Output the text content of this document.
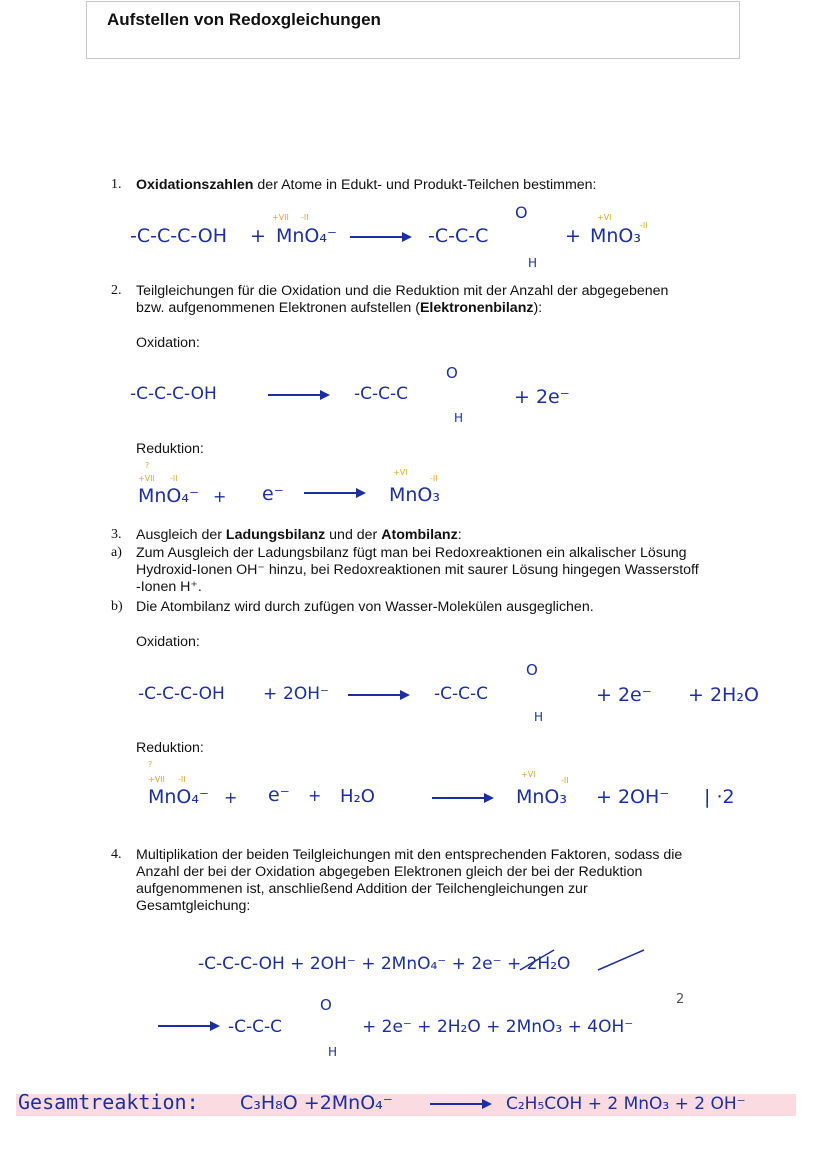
Aufstellen von Redoxgleichungen
1. Oxidationszahlen der Atome in Edukt- und Produkt-Teilchen bestimmen:
-C-C-C-OH +
+VII -II
MnO₄⁻	-C-C-C
O
H
+
+VI
-II
MnO₃
2. Teilgleichungen für die Oxidation und die Reduktion mit der Anzahl der abgegebenen
bzw. aufgenommenen Elektronen aufstellen (Elektronenbilanz):
Oxidation:
-C-C-C-OH	-C-C-C
O
H
+ 2e⁻
Reduktion:
?
+VII -II
MnO₄⁻ + e⁻
+VI
-II
MnO₃
3. Ausgleich der Ladungsbilanz und der Atombilanz:
a) Zum Ausgleich der Ladungsbilanz fügt man bei Redoxreaktionen ein alkalischer Lösung
Hydroxid-Ionen OH⁻ hinzu, bei Redoxreaktionen mit saurer Lösung hingegen Wasserstoff
-Ionen H⁺.
b) Die Atombilanz wird durch zufügen von Wasser-Molekülen ausgeglichen.
Oxidation:
-C-C-C-OH + 2OH⁻	-C-C-C
O
H
+ 2e⁻ + 2H₂O
Reduktion:
?
+VII -II
MnO₄⁻ + e⁻ + H₂O
+VI
-II
MnO₃ + 2OH⁻ | ·2
4. Multiplikation der beiden Teilgleichungen mit den entsprechenden Faktoren, sodass die
Anzahl der bei der Oxidation abgegeben Elektronen gleich der bei der Reduktion
aufgenommenen ist, anschließend Addition der Teilchengleichungen zur
Gesamtgleichung:
-C-C-C-OH + 2OH⁻ + 2MnO₄⁻ + 2e⁻ + 2H₂O
-C-C-C
O
H
+ 2e⁻ + 2H₂O + 2MnO₃ + 4OH⁻
2
Gesamtreaktion: C₃H₈O +2MnO₄⁻	C₂H₅COH + 2 MnO₃ + 2 OH⁻
